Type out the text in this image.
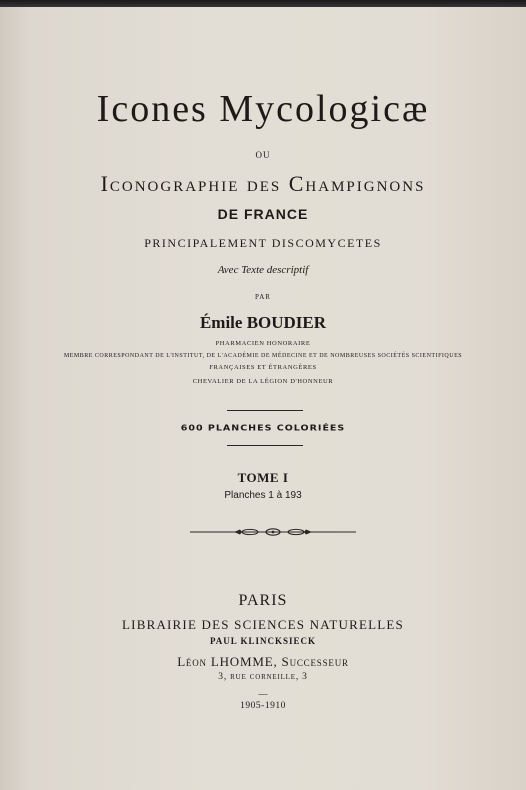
Icones Mycologicæ
OU
Iconographie des Champignons
DE FRANCE
PRINCIPALEMENT DISCOMYCETES
Avec Texte descriptif
PAR
Émile BOUDIER
PHARMACIEN HONORAIRE
MEMBRE CORRESPONDANT DE L'INSTITUT, DE L'ACADÉMIE DE MÉDECINE ET DE NOMBREUSES SOCIÉTÉS SCIENTIFIQUES
FRANÇAISES ET ÉTRANGÈRES
CHEVALIER DE LA LÉGION D'HONNEUR
600 PLANCHES COLORIÉES
TOME I
Planches 1 à 193
PARIS
LIBRAIRIE DES SCIENCES NATURELLES
PAUL KLINCKSIECK
Léon LHOMME, Successeur
3, rue corneille, 3
—
1905-1910
